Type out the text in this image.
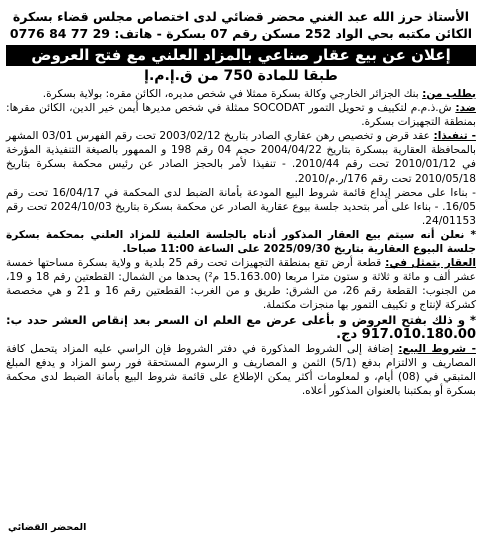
الأستاذ حرز الله عبد الغني محضر قضائي لدى اختصاص مجلس قضاء بسكرة
الكائن مكتبه بحي الواد 252 مسكن رقم 07 بسكرة - هاتف: 29 77 84 0776
إعلان عن بيع عقار صناعي بالمزاد العلني مع فتح العروض
طبقا للمادة 750 من ق.إ.م.إ

بطلب من: بنك الجزائر الخارجي وكالة بسكرة ممثلا في شخص مديره، الكائن مقره: بولاية بسكرة.

ضد: ش.ذ.م.م لتكييف و تحويل التمور SOCODAT ممثلة في شخص مديرها أيمن خير الدين، الكائن مقرها: بمنطقة التجهيزات بسكرة.

- تنفيذا: عقد قرض و تخصيص رهن عقاري الصادر بتاريخ 2003/02/12 تحت رقم الفهرس 03/01 المشهر بالمحافظة العقارية ببسكرة بتاريخ 2004/04/22 حجم 04 رقم 198 و الممهور بالصيغة التنفيذية المؤرخة في 2010/01/12 تحت رقم 2010/44. - تنفيذا لأمر بالحجز الصادر عن رئيس محكمة بسكرة بتاريخ 2010/05/18 تحت رقم 176/ر.م/2010.

- بناءا على محضر إيداع قائمة شروط البيع المودعة بأمانة الضبط لدى المحكمة في 16/04/17 تحت رقم 16/05. - بناءا على أمر بتحديد جلسة بيوع عقارية الصادر عن محكمة بسكرة بتاريخ 2024/10/03 تحت رقم 24/01153.

* نعلن أنه سيتم بيع العقار المذكور أدناه بالجلسة العلنية للمزاد العلني بمحكمة بسكرة جلسة البيوع العقارية بتاريخ 2025/09/30 على الساعة 11:00 صباحا.

العقار يتمثل في: قطعة أرض تقع بمنطقة التجهيزات تحت رقم 25 بلدية و ولاية بسكرة مساحتها خمسة عشر ألف و مائة و ثلاثة و ستون مترا مربعا (15.163.00 م²) يحدها من الشمال: القطعتين رقم 18 و 19، من الجنوب: القطعة رقم 26، من الشرق: طريق و من الغرب: القطعتين رقم 16 و 21 و هي مخصصة كشركة لإنتاج و تكييف التمور بها منجزات مكتملة.

* و ذلك بفتح العروض و بأعلى عرض مع العلم ان السعر بعد إنقاص العشر حدد ب: 917.010.180.00 دج.

- شروط البيع: إضافة إلى الشروط المذكورة في دفتر الشروط فإن الراسي عليه المزاد يتحمل كافة المصاريف و الالتزام بدفع (5/1) الثمن و المصاريف و الرسوم المستحقة فور رسو المزاد و يدفع المبلغ المتبقي في (08) أيام، و لمعلومات أكثر يمكن الإطلاع على قائمة شروط البيع بأمانة الضبط لدى محكمة بسكرة أو بمكتبنا بالعنوان المذكور أعلاه.

المحضر القضائي
